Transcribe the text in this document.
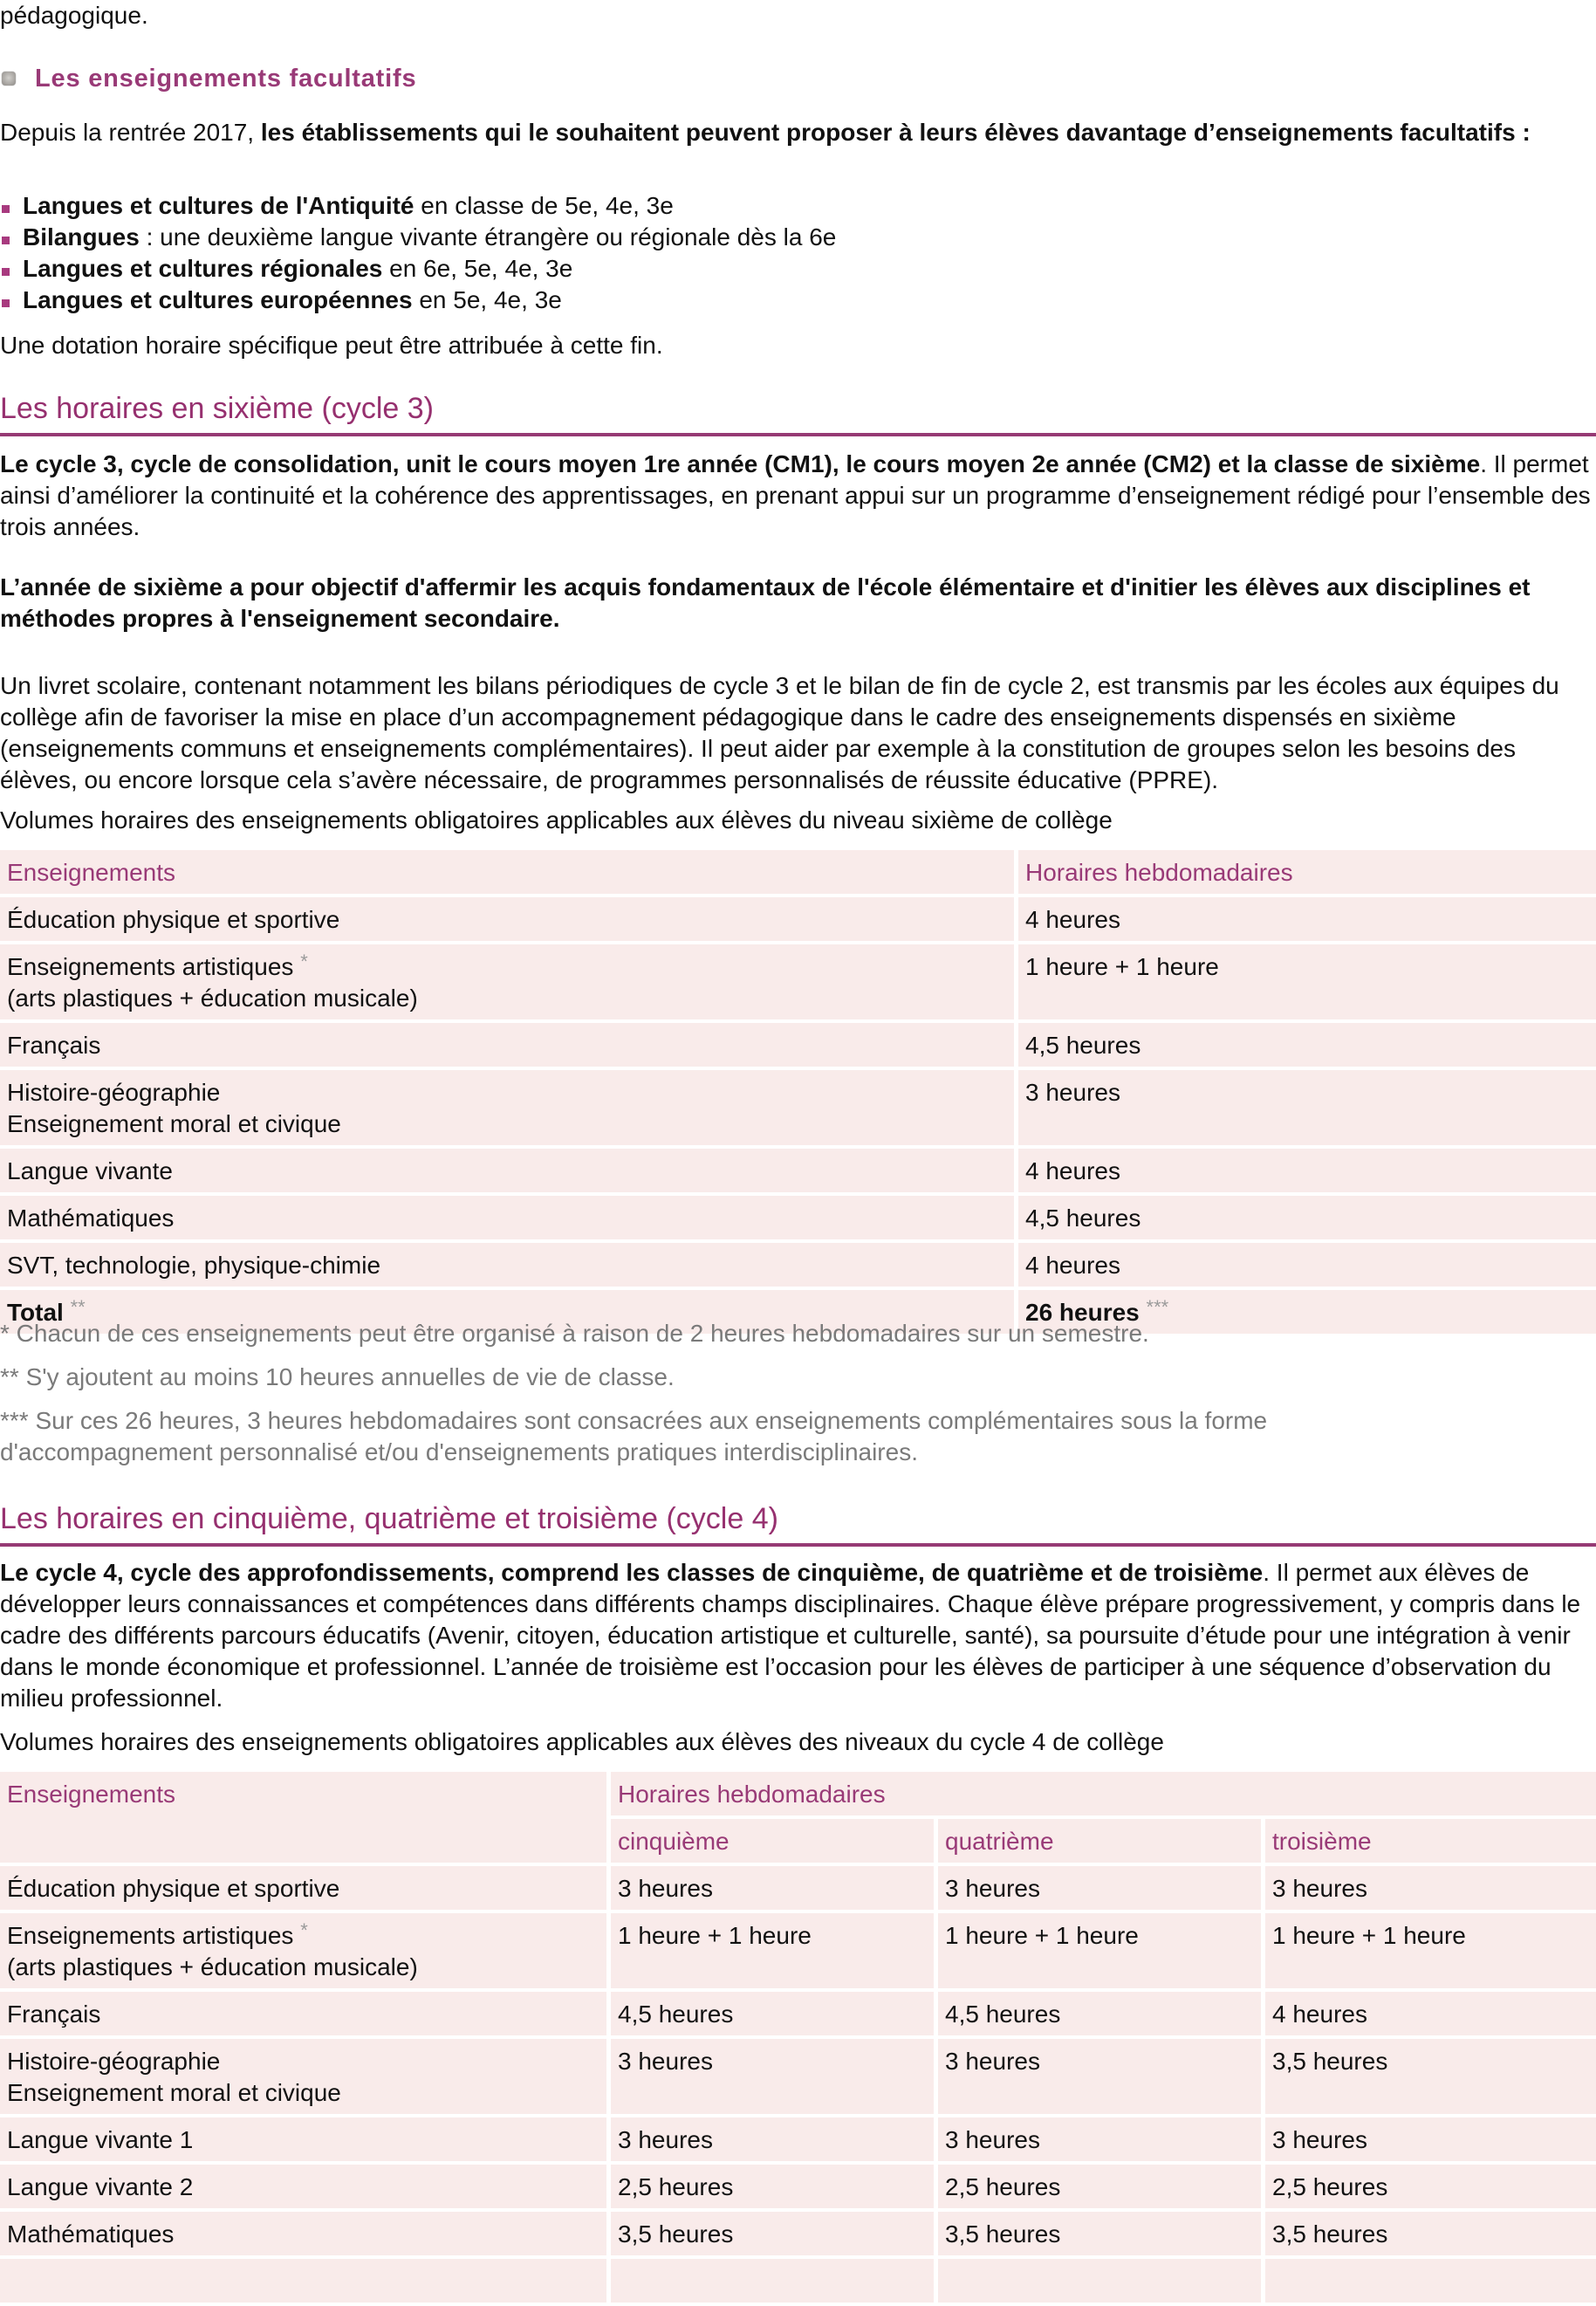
pédagogique.

Les enseignements facultatifs

Depuis la rentrée 2017, les établissements qui le souhaitent peuvent proposer à leurs élèves davantage d’enseignements facultatifs :

Langues et cultures de l'Antiquité en classe de 5e, 4e, 3e
Bilangues : une deuxième langue vivante étrangère ou régionale dès la 6e
Langues et cultures régionales en 6e, 5e, 4e, 3e
Langues et cultures européennes en 5e, 4e, 3e

Une dotation horaire spécifique peut être attribuée à cette fin.

Les horaires en sixième (cycle 3)

Le cycle 3, cycle de consolidation, unit le cours moyen 1re année (CM1), le cours moyen 2e année (CM2) et la classe de sixième. Il permet ainsi d’améliorer la continuité et la cohérence des apprentissages, en prenant appui sur un programme d’enseignement rédigé pour l’ensemble des trois années.

L’année de sixième a pour objectif d'affermir les acquis fondamentaux de l'école élémentaire et d'initier les élèves aux disciplines et méthodes propres à l'enseignement secondaire.

Un livret scolaire, contenant notamment les bilans périodiques de cycle 3 et le bilan de fin de cycle 2, est transmis par les écoles aux équipes du collège afin de favoriser la mise en place d’un accompagnement pédagogique dans le cadre des enseignements dispensés en sixième (enseignements communs et enseignements complémentaires). Il peut aider par exemple à la constitution de groupes selon les besoins des élèves, ou encore lorsque cela s’avère nécessaire, de programmes personnalisés de réussite éducative (PPRE).

Volumes horaires des enseignements obligatoires applicables aux élèves du niveau sixième de collège

Enseignements	Horaires hebdomadaires
Éducation physique et sportive	4 heures
Enseignements artistiques *
(arts plastiques + éducation musicale)	1 heure + 1 heure
Français	4,5 heures
Histoire-géographie
Enseignement moral et civique	3 heures
Langue vivante	4 heures
Mathématiques	4,5 heures
SVT, technologie, physique-chimie	4 heures
Total **	26 heures ***

* Chacun de ces enseignements peut être organisé à raison de 2 heures hebdomadaires sur un semestre.

** S'y ajoutent au moins 10 heures annuelles de vie de classe.

*** Sur ces 26 heures, 3 heures hebdomadaires sont consacrées aux enseignements complémentaires sous la forme d'accompagnement personnalisé et/ou d'enseignements pratiques interdisciplinaires.

Les horaires en cinquième, quatrième et troisième (cycle 4)

Le cycle 4, cycle des approfondissements, comprend les classes de cinquième, de quatrième et de troisième. Il permet aux élèves de développer leurs connaissances et compétences dans différents champs disciplinaires. Chaque élève prépare progressivement, y compris dans le cadre des différents parcours éducatifs (Avenir, citoyen, éducation artistique et culturelle, santé), sa poursuite d’étude pour une intégration à venir dans le monde économique et professionnel. L’année de troisième est l’occasion pour les élèves de participer à une séquence d’observation du milieu professionnel.

Volumes horaires des enseignements obligatoires applicables aux élèves des niveaux du cycle 4 de collège

Enseignements	Horaires hebdomadaires		
	cinquième	quatrième	troisième
Éducation physique et sportive	3 heures	3 heures	3 heures
Enseignements artistiques *
(arts plastiques + éducation musicale)	1 heure + 1 heure	1 heure + 1 heure	1 heure + 1 heure
Français	4,5 heures	4,5 heures	4 heures
Histoire-géographie
Enseignement moral et civique	3 heures	3 heures	3,5 heures
Langue vivante 1	3 heures	3 heures	3 heures
Langue vivante 2	2,5 heures	2,5 heures	2,5 heures
Mathématiques	3,5 heures	3,5 heures	3,5 heures
